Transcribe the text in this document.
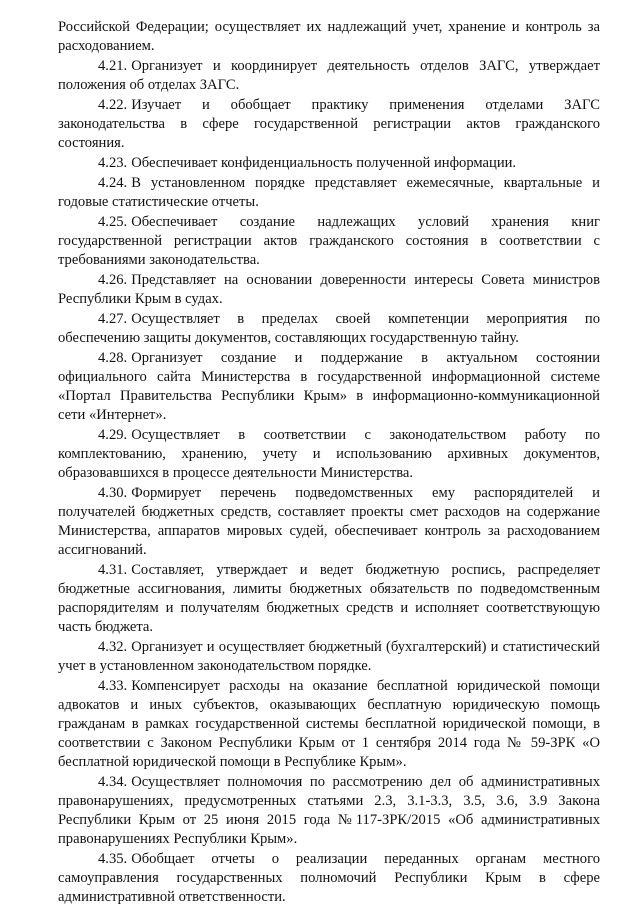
Российской Федерации; осуществляет их надлежащий учет, хранение и контроль за расходованием.

4.21. Организует и координирует деятельность отделов ЗАГС, утверждает положения об отделах ЗАГС.

4.22. Изучает и обобщает практику применения отделами ЗАГС законодательства в сфере государственной регистрации актов гражданского состояния.

4.23. Обеспечивает конфиденциальность полученной информации.

4.24. В установленном порядке представляет ежемесячные, квартальные и годовые статистические отчеты.

4.25. Обеспечивает создание надлежащих условий хранения книг государственной регистрации актов гражданского состояния в соответствии с требованиями законодательства.

4.26. Представляет на основании доверенности интересы Совета министров Республики Крым в судах.

4.27. Осуществляет в пределах своей компетенции мероприятия по обеспечению защиты документов, составляющих государственную тайну.

4.28. Организует создание и поддержание в актуальном состоянии официального сайта Министерства в государственной информационной системе «Портал Правительства Республики Крым» в информационно-коммуникационной сети «Интернет».

4.29. Осуществляет в соответствии с законодательством работу по комплектованию, хранению, учету и использованию архивных документов, образовавшихся в процессе деятельности Министерства.

4.30. Формирует перечень подведомственных ему распорядителей и получателей бюджетных средств, составляет проекты смет расходов на содержание Министерства, аппаратов мировых судей, обеспечивает контроль за расходованием ассигнований.

4.31. Составляет, утверждает и ведет бюджетную роспись, распределяет бюджетные ассигнования, лимиты бюджетных обязательств по подведомственным распорядителям и получателям бюджетных средств и исполняет соответствующую часть бюджета.

4.32. Организует и осуществляет бюджетный (бухгалтерский) и статистический учет в установленном законодательством порядке.

4.33. Компенсирует расходы на оказание бесплатной юридической помощи адвокатов и иных субъектов, оказывающих бесплатную юридическую помощь гражданам в рамках государственной системы бесплатной юридической помощи, в соответствии с Законом Республики Крым от 1 сентября 2014 года № 59-ЗРК «О бесплатной юридической помощи в Республике Крым».

4.34. Осуществляет полномочия по рассмотрению дел об административных правонарушениях, предусмотренных статьями 2.3, 3.1-3.3, 3.5, 3.6, 3.9 Закона Республики Крым от 25 июня 2015 года №117-ЗРК/2015 «Об административных правонарушениях Республики Крым».

4.35. Обобщает отчеты о реализации переданных органам местного самоуправления государственных полномочий Республики Крым в сфере административной ответственности.
